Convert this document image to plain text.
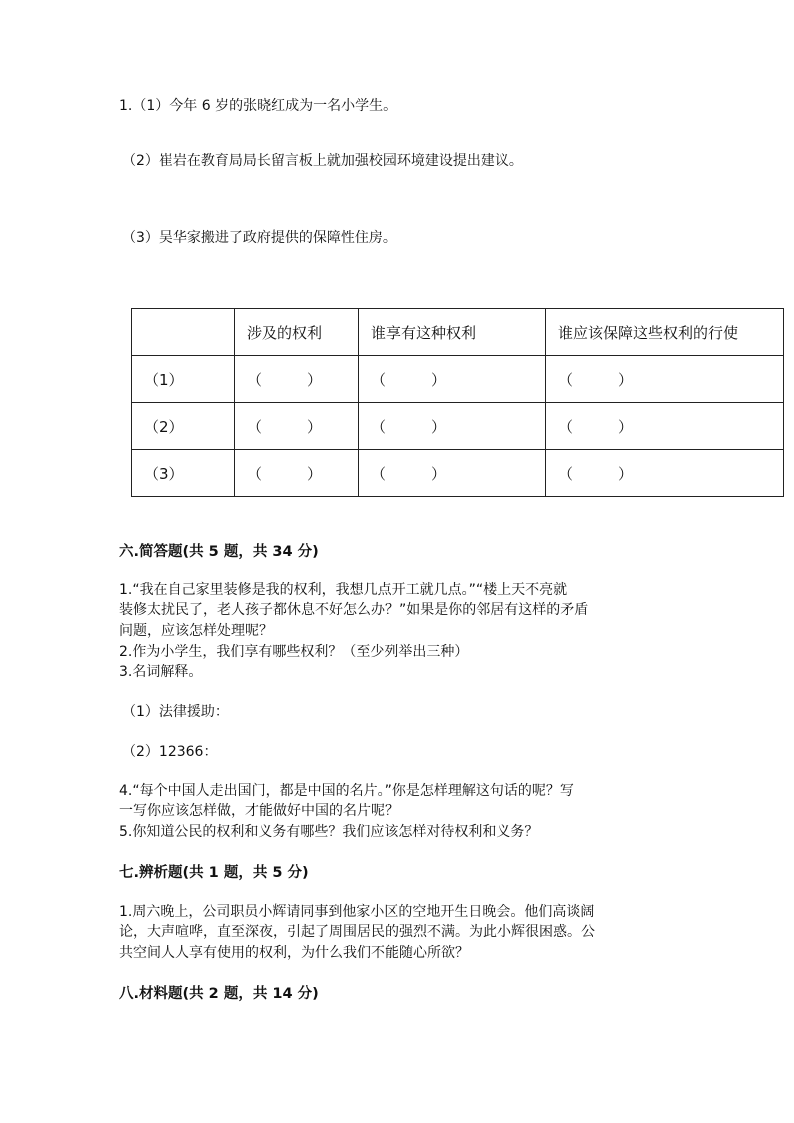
1.（1）今年 6 岁的张晓红成为一名小学生。
（2）崔岩在教育局局长留言板上就加强校园环境建设提出建议。
（3）吴华家搬进了政府提供的保障性住房。
	涉及的权利	谁享有这种权利	谁应该保障这些权利的行使
（1）	（　　　）	（　　　）	（　　　）
（2）	（　　　）	（　　　）	（　　　）
（3）	（　　　）	（　　　）	（　　　）
六.简答题(共 5 题，共 34 分)
1.“我在自己家里装修是我的权利，我想几点开工就几点。”“楼上天不亮就
装修太扰民了，老人孩子都休息不好怎么办？”如果是你的邻居有这样的矛盾
问题，应该怎样处理呢？
2.作为小学生，我们享有哪些权利？（至少列举出三种）
3.名词解释。
（1）法律援助：
（2）12366：
4.“每个中国人走出国门，都是中国的名片。”你是怎样理解这句话的呢？写
一写你应该怎样做，才能做好中国的名片呢？
5.你知道公民的权利和义务有哪些？我们应该怎样对待权利和义务？
七.辨析题(共 1 题，共 5 分)
1.周六晚上，公司职员小辉请同事到他家小区的空地开生日晚会。他们高谈阔
论，大声喧哗，直至深夜，引起了周围居民的强烈不满。为此小辉很困惑。公
共空间人人享有使用的权利，为什么我们不能随心所欲？
八.材料题(共 2 题，共 14 分)
